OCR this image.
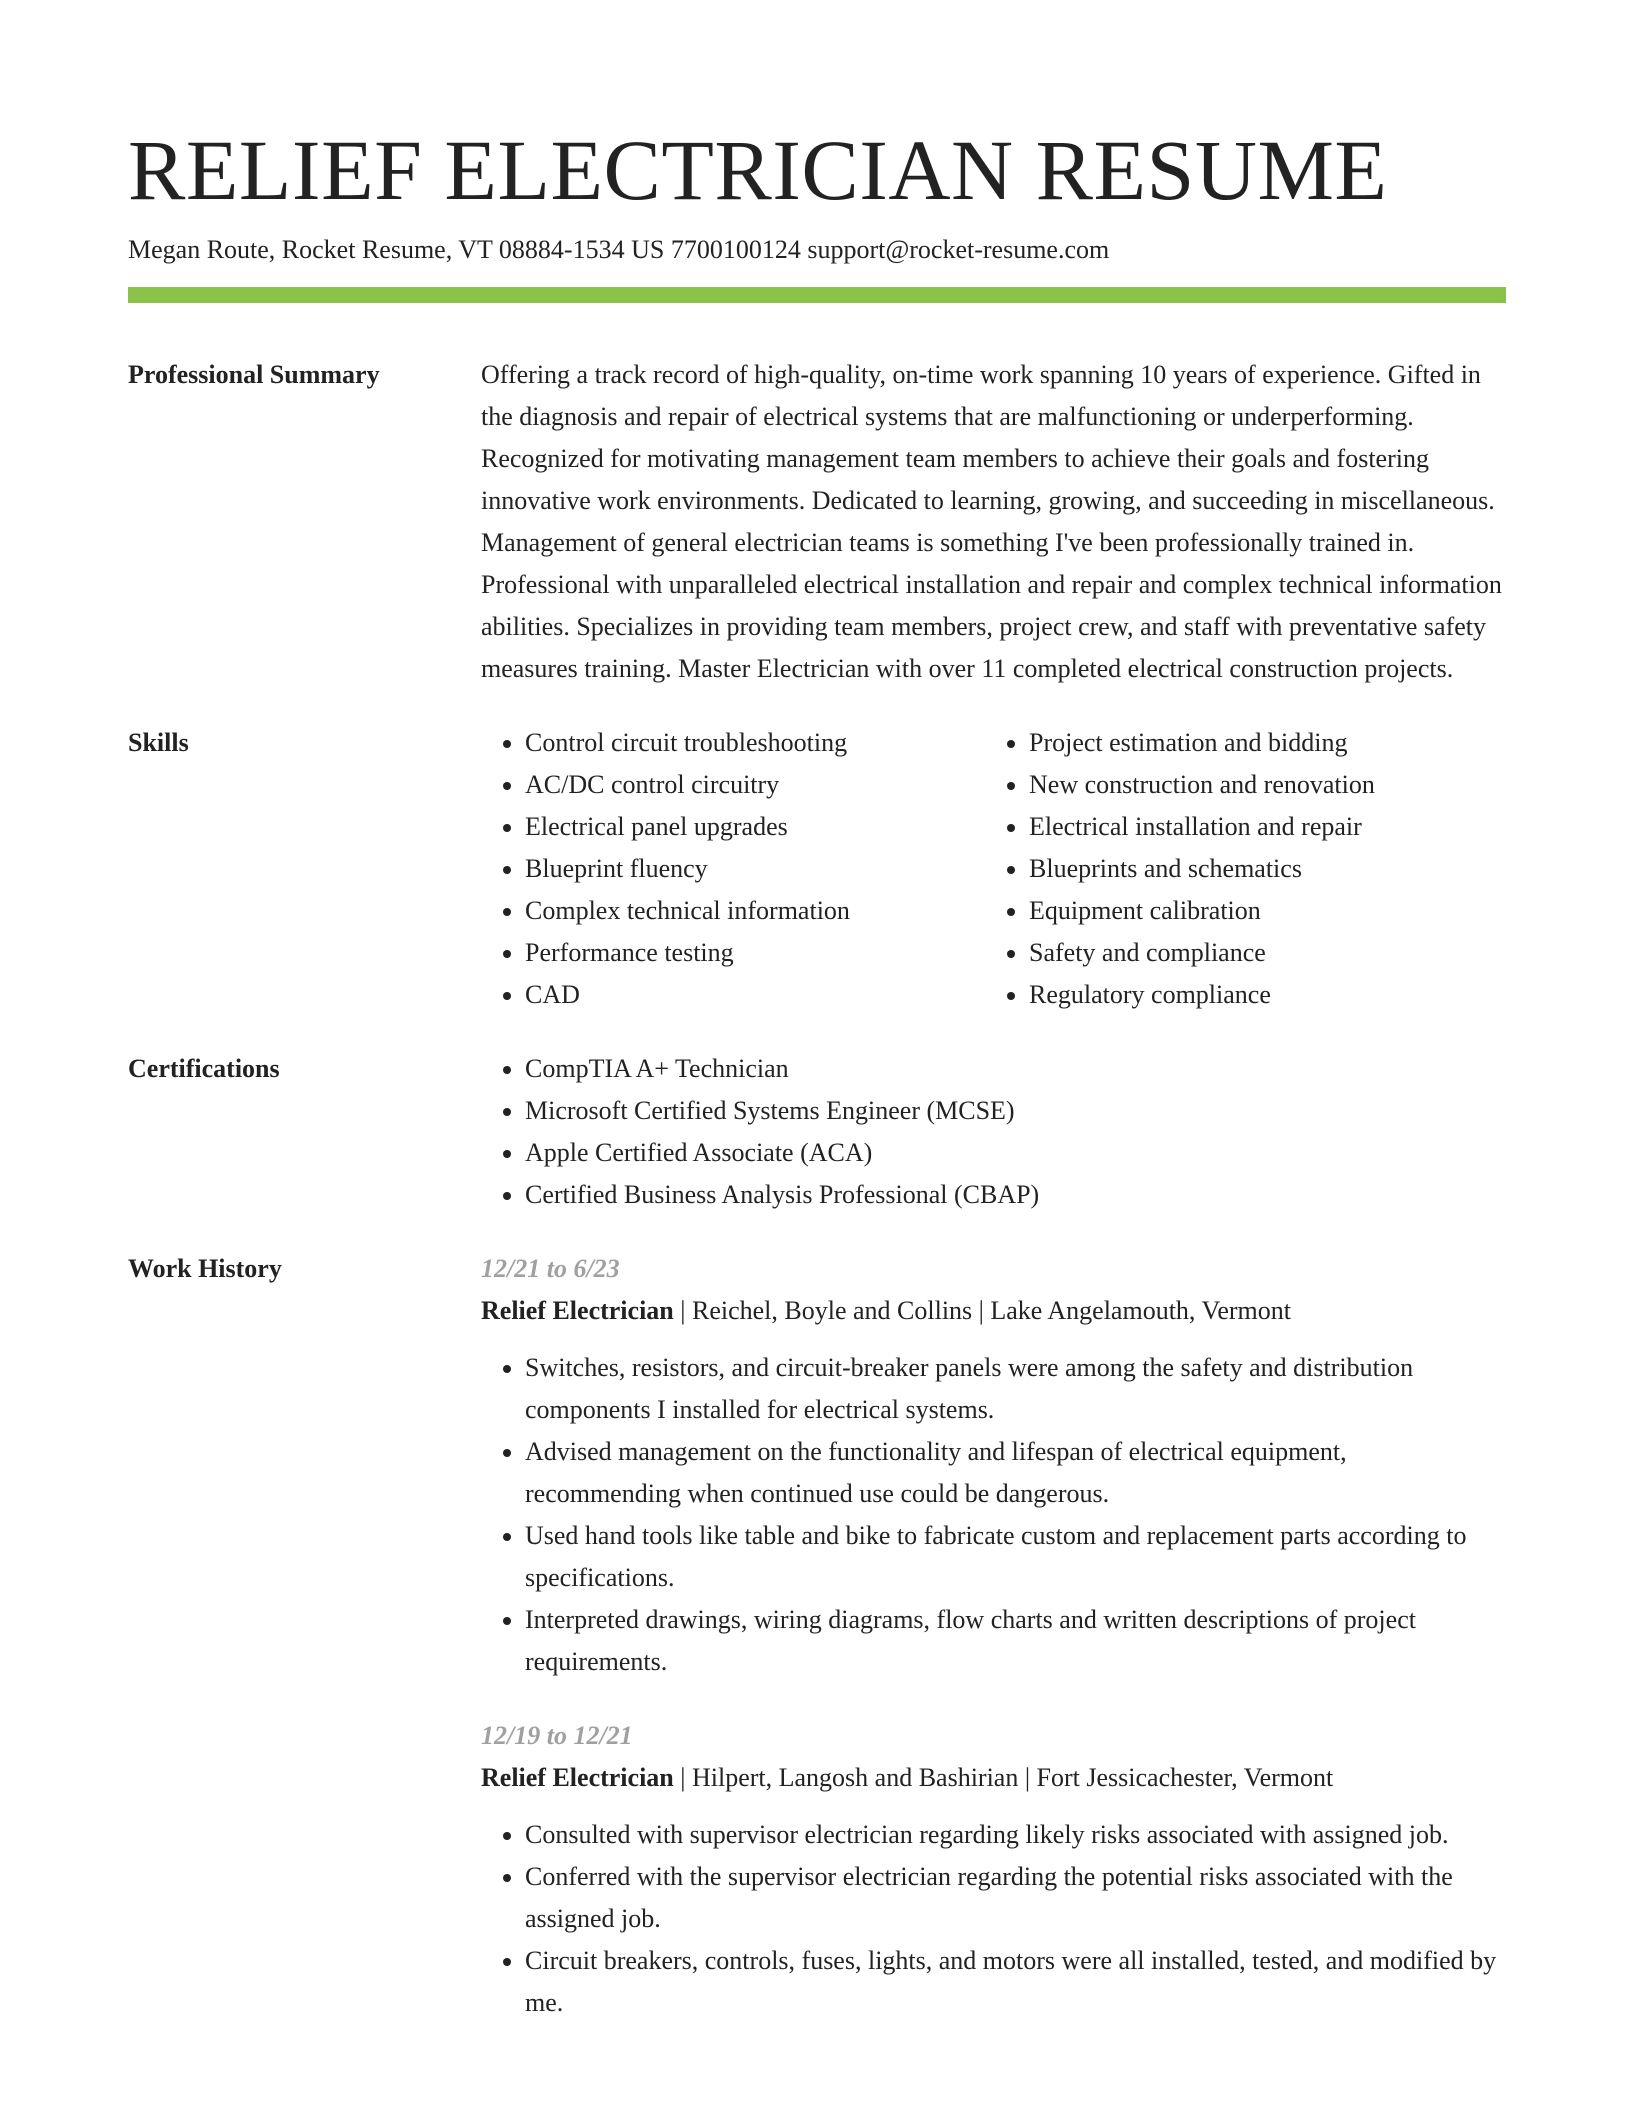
RELIEF ELECTRICIAN RESUME
Megan Route, Rocket Resume, VT 08884-1534 US 7700100124 support@rocket-resume.com
Professional Summary	Offering a track record of high-quality, on-time work spanning 10 years of experience. Gifted in the diagnosis and repair of electrical systems that are malfunctioning or underperforming. Recognized for motivating management team members to achieve their goals and fostering innovative work environments. Dedicated to learning, growing, and succeeding in miscellaneous. Management of general electrician teams is something I've been professionally trained in. Professional with unparalleled electrical installation and repair and complex technical information abilities. Specializes in providing team members, project crew, and staff with preventative safety measures training. Master Electrician with over 11 completed electrical construction projects.

Skills	• Control circuit troubleshooting
• AC/DC control circuitry
• Electrical panel upgrades
• Blueprint fluency
• Complex technical information
• Performance testing
• CAD
• Project estimation and bidding
• New construction and renovation
• Electrical installation and repair
• Blueprints and schematics
• Equipment calibration
• Safety and compliance
• Regulatory compliance
Certifications	• CompTIA A+ Technician
• Microsoft Certified Systems Engineer (MCSE)
• Apple Certified Associate (ACA)
• Certified Business Analysis Professional (CBAP)
Work History	12/21 to 6/23
Relief Electrician | Reichel, Boyle and Collins | Lake Angelamouth, Vermont
• Switches, resistors, and circuit-breaker panels were among the safety and distribution components I installed for electrical systems.
• Advised management on the functionality and lifespan of electrical equipment, recommending when continued use could be dangerous.
• Used hand tools like table and bike to fabricate custom and replacement parts according to specifications.
• Interpreted drawings, wiring diagrams, flow charts and written descriptions of project requirements.
12/19 to 12/21
Relief Electrician | Hilpert, Langosh and Bashirian | Fort Jessicachester, Vermont
• Consulted with supervisor electrician regarding likely risks associated with assigned job.
• Conferred with the supervisor electrician regarding the potential risks associated with the assigned job.
• Circuit breakers, controls, fuses, lights, and motors were all installed, tested, and modified by me.
